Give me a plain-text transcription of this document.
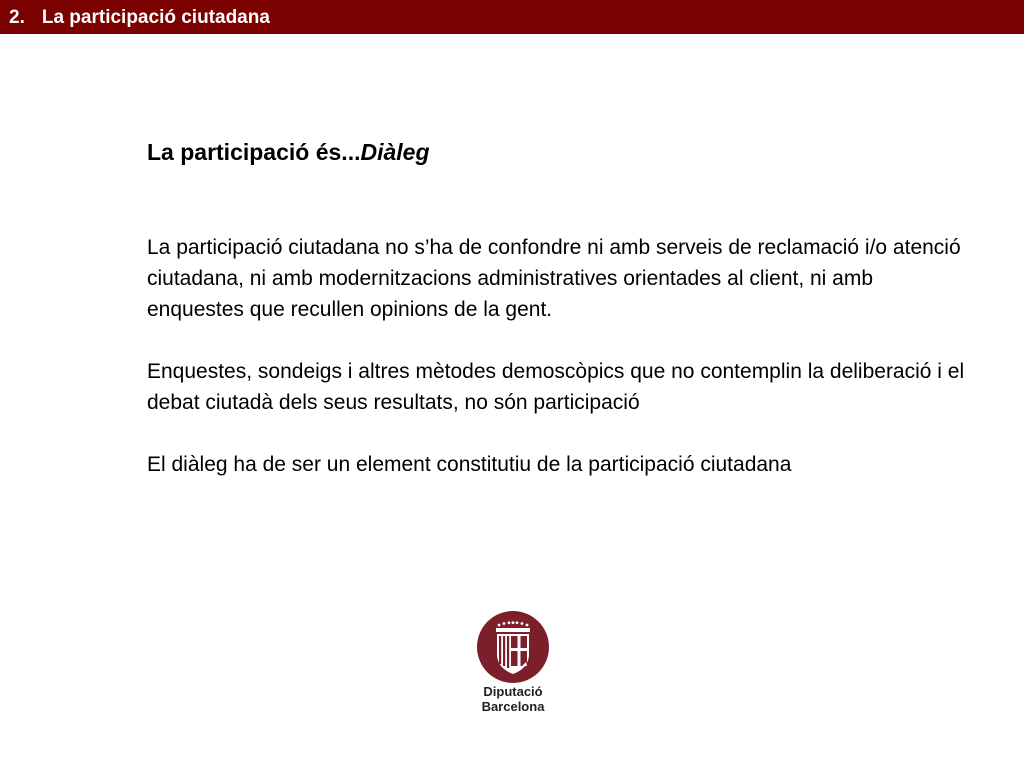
2. La participació ciutadana
La participació és...Diàleg

La participació ciutadana no s’ha de confondre ni amb serveis de reclamació i/o atenció ciutadana, ni amb modernitzacions administratives orientades al client, ni amb enquestes que recullen opinions de la gent.

Enquestes, sondeigs i altres mètodes demoscòpics que no contemplin la deliberació i el debat ciutadà dels seus resultats, no són participació

El diàleg ha de ser un element constitutiu de la participació ciutadana

Diputació
Barcelona
